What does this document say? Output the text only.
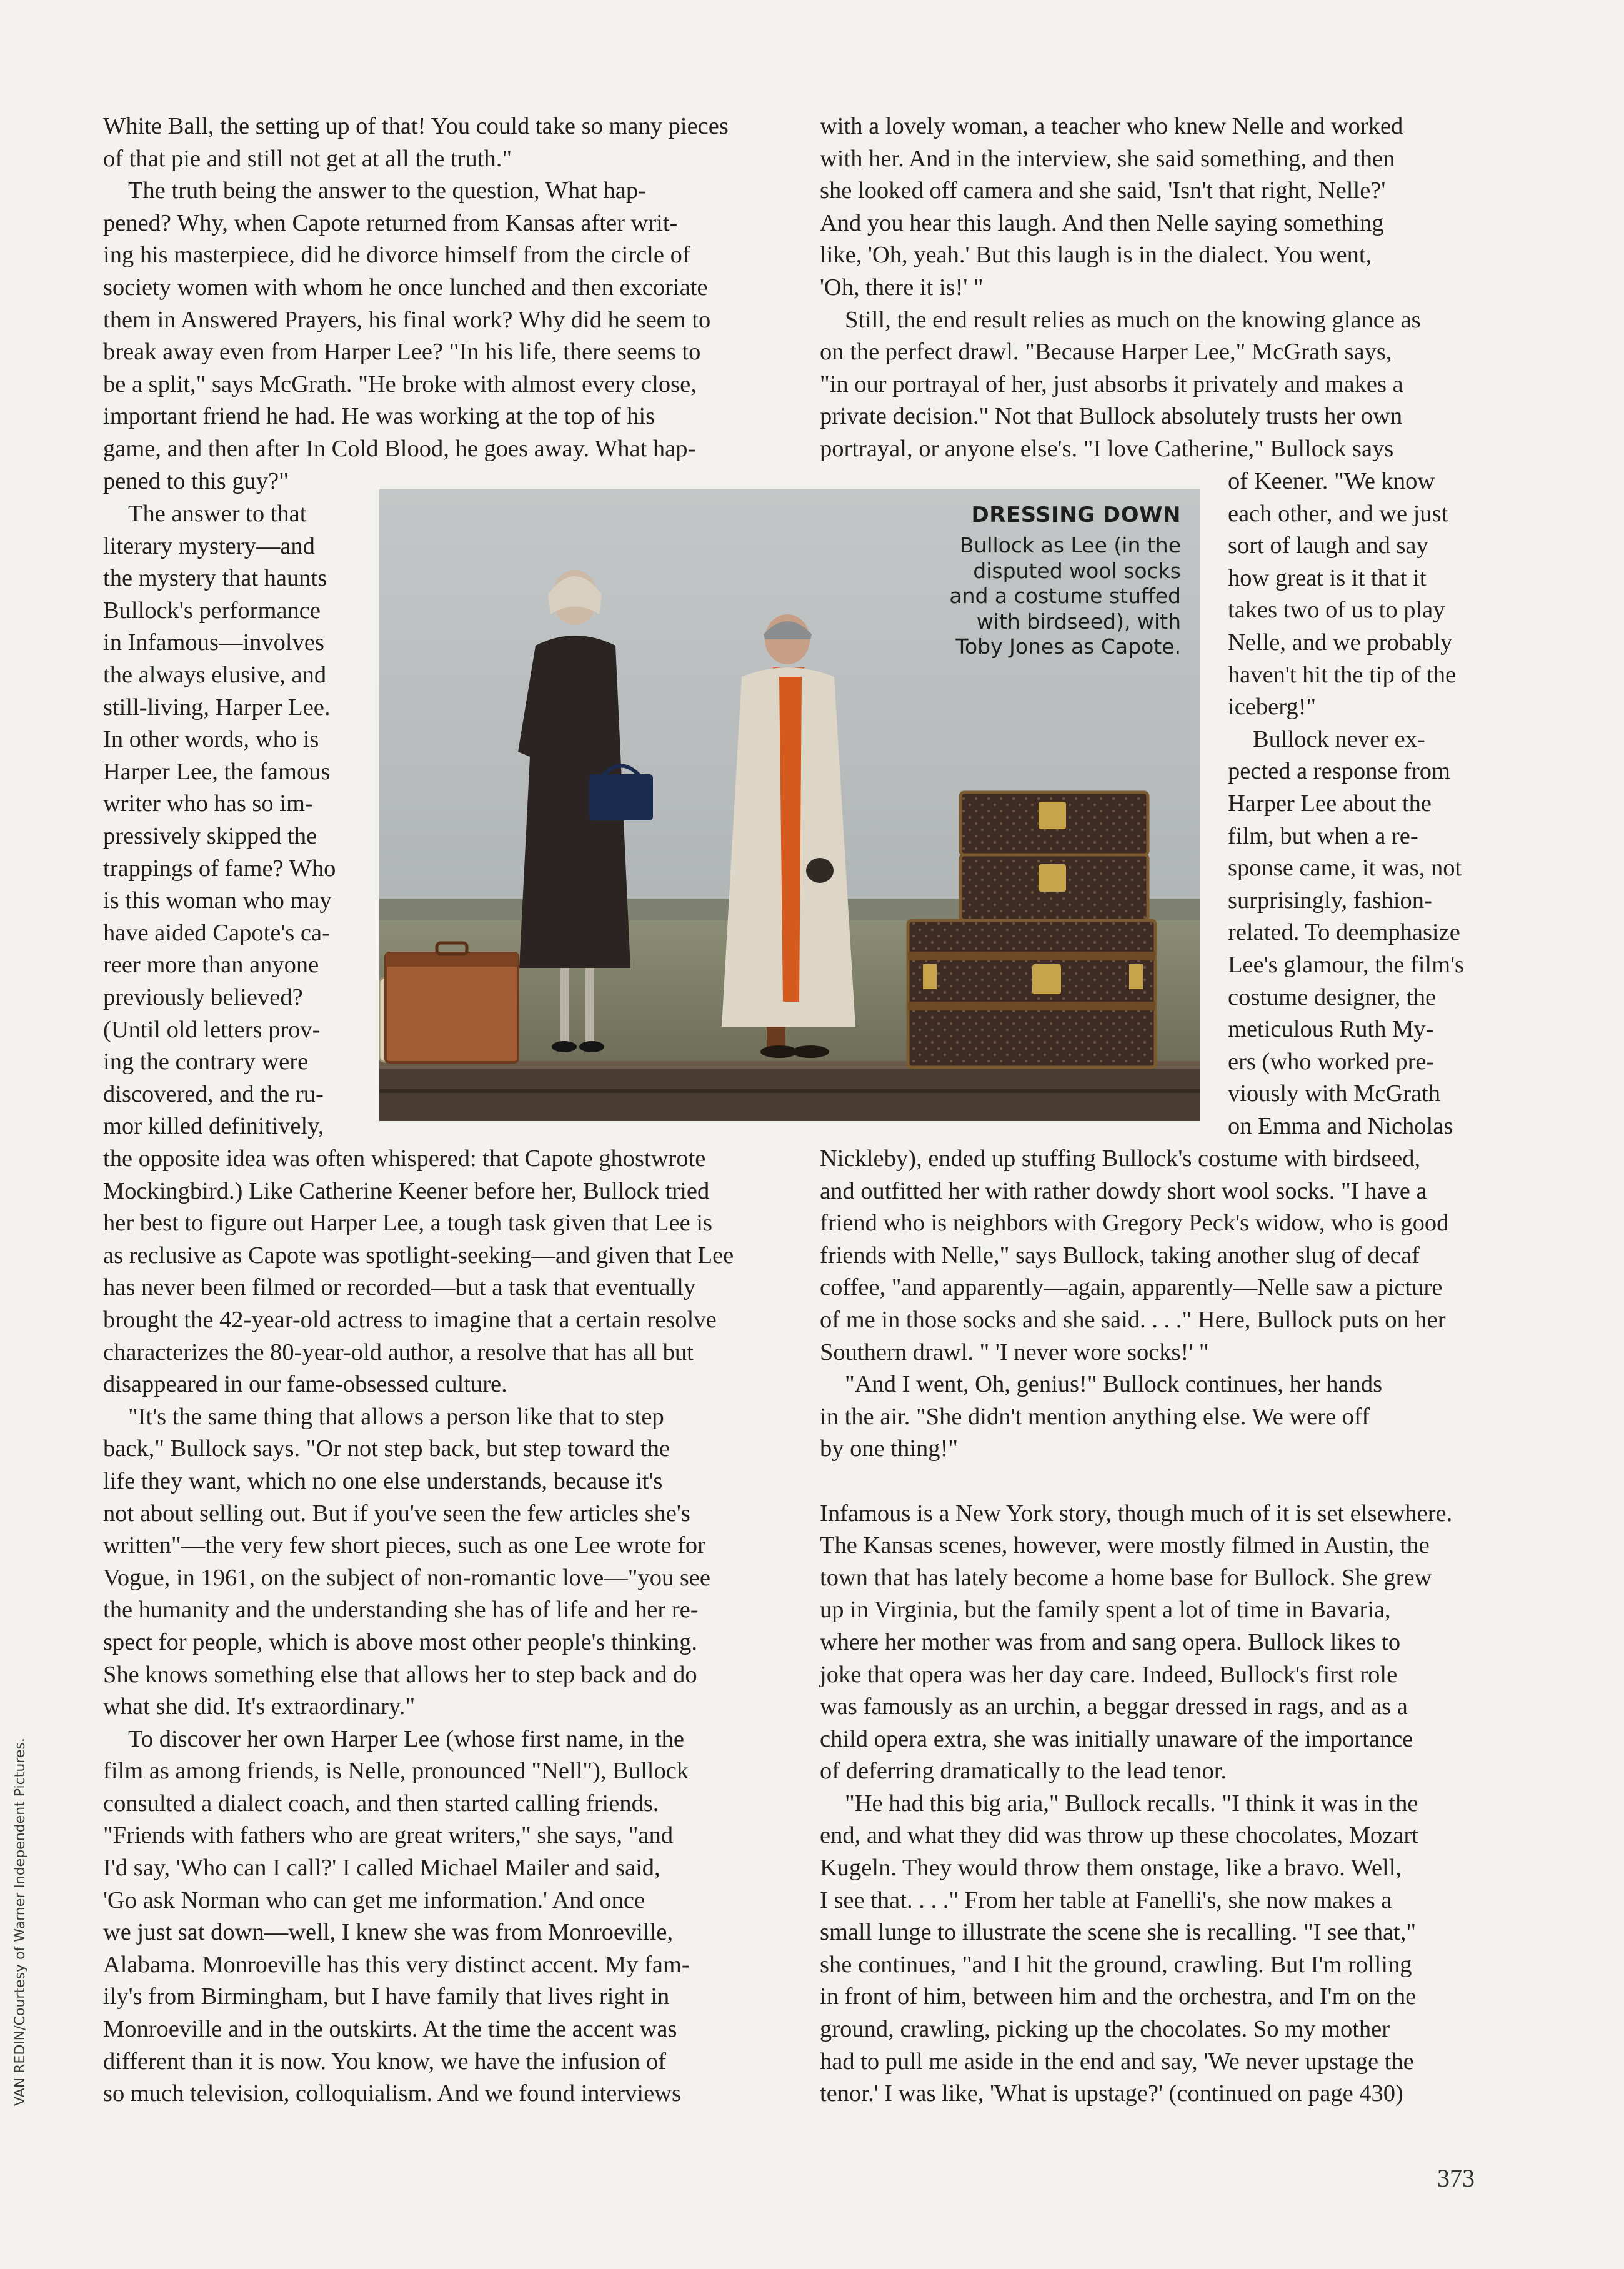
White Ball, the setting up of that! You could take so many pieces
of that pie and still not get at all the truth."

The truth being the answer to the question, What hap-
pened? Why, when Capote returned from Kansas after writ-
ing his masterpiece, did he divorce himself from the circle of
society women with whom he once lunched and then excoriate
them in Answered Prayers, his final work? Why did he seem to
break away even from Harper Lee? "In his life, there seems to
be a split," says McGrath. "He broke with almost every close,
important friend he had. He was working at the top of his
game, and then after In Cold Blood, he goes away. What hap-
pened to this guy?"

The answer to that
literary mystery—and
the mystery that haunts
Bullock's performance
in Infamous—involves
the always elusive, and
still-living, Harper Lee.
In other words, who is
Harper Lee, the famous
writer who has so im-
pressively skipped the
trappings of fame? Who
is this woman who may
have aided Capote's ca-
reer more than anyone
previously believed?
(Until old letters prov-
ing the contrary were
discovered, and the ru-
mor killed definitively,

the opposite idea was often whispered: that Capote ghostwrote
Mockingbird.) Like Catherine Keener before her, Bullock tried
her best to figure out Harper Lee, a tough task given that Lee is
as reclusive as Capote was spotlight-seeking—and given that Lee
has never been filmed or recorded—but a task that eventually
brought the 42-year-old actress to imagine that a certain resolve
characterizes the 80-year-old author, a resolve that has all but
disappeared in our fame-obsessed culture.

"It's the same thing that allows a person like that to step
back," Bullock says. "Or not step back, but step toward the
life they want, which no one else understands, because it's
not about selling out. But if you've seen the few articles she's
written"—the very few short pieces, such as one Lee wrote for
Vogue, in 1961, on the subject of non-romantic love—"you see
the humanity and the understanding she has of life and her re-
spect for people, which is above most other people's thinking.
She knows something else that allows her to step back and do
what she did. It's extraordinary."

To discover her own Harper Lee (whose first name, in the
film as among friends, is Nelle, pronounced "Nell"), Bullock
consulted a dialect coach, and then started calling friends.
"Friends with fathers who are great writers," she says, "and
I'd say, 'Who can I call?' I called Michael Mailer and said,
'Go ask Norman who can get me information.' And once
we just sat down—well, I knew she was from Monroeville,
Alabama. Monroeville has this very distinct accent. My fam-
ily's from Birmingham, but I have family that lives right in
Monroeville and in the outskirts. At the time the accent was
different than it is now. You know, we have the infusion of
so much television, colloquialism. And we found interviews

with a lovely woman, a teacher who knew Nelle and worked
with her. And in the interview, she said something, and then
she looked off camera and she said, 'Isn't that right, Nelle?'
And you hear this laugh. And then Nelle saying something
like, 'Oh, yeah.' But this laugh is in the dialect. You went,
'Oh, there it is!' "

Still, the end result relies as much on the knowing glance as
on the perfect drawl. "Because Harper Lee," McGrath says,
"in our portrayal of her, just absorbs it privately and makes a
private decision." Not that Bullock absolutely trusts her own
portrayal, or anyone else's. "I love Catherine," Bullock says

of Keener. "We know
each other, and we just
sort of laugh and say
how great is it that it
takes two of us to play
Nelle, and we probably
haven't hit the tip of the
iceberg!"

Bullock never ex-
pected a response from
Harper Lee about the
film, but when a re-
sponse came, it was, not
surprisingly, fashion-
related. To deemphasize
Lee's glamour, the film's
costume designer, the
meticulous Ruth My-
ers (who worked pre-
viously with McGrath
on Emma and Nicholas

Nickleby), ended up stuffing Bullock's costume with birdseed,
and outfitted her with rather dowdy short wool socks. "I have a
friend who is neighbors with Gregory Peck's widow, who is good
friends with Nelle," says Bullock, taking another slug of decaf
coffee, "and apparently—again, apparently—Nelle saw a picture
of me in those socks and she said. . . ." Here, Bullock puts on her
Southern drawl. " 'I never wore socks!' "

"And I went, Oh, genius!" Bullock continues, her hands
in the air. "She didn't mention anything else. We were off
by one thing!"

Infamous is a New York story, though much of it is set elsewhere.
The Kansas scenes, however, were mostly filmed in Austin, the
town that has lately become a home base for Bullock. She grew
up in Virginia, but the family spent a lot of time in Bavaria,
where her mother was from and sang opera. Bullock likes to
joke that opera was her day care. Indeed, Bullock's first role
was famously as an urchin, a beggar dressed in rags, and as a
child opera extra, she was initially unaware of the importance
of deferring dramatically to the lead tenor.

"He had this big aria," Bullock recalls. "I think it was in the
end, and what they did was throw up these chocolates, Mozart
Kugeln. They would throw them onstage, like a bravo. Well,
I see that. . . ." From her table at Fanelli's, she now makes a
small lunge to illustrate the scene she is recalling. "I see that,"
she continues, "and I hit the ground, crawling. But I'm rolling
in front of him, between him and the orchestra, and I'm on the
ground, crawling, picking up the chocolates. So my mother
had to pull me aside in the end and say, 'We never upstage the
tenor.' I was like, 'What is upstage?' (continued on page 430)

DRESSING DOWN
Bullock as Lee (in the disputed wool socks and a costume stuffed with birdseed), with Toby Jones as Capote.
VAN REDIN/Courtesy of Warner Independent Pictures.
373
